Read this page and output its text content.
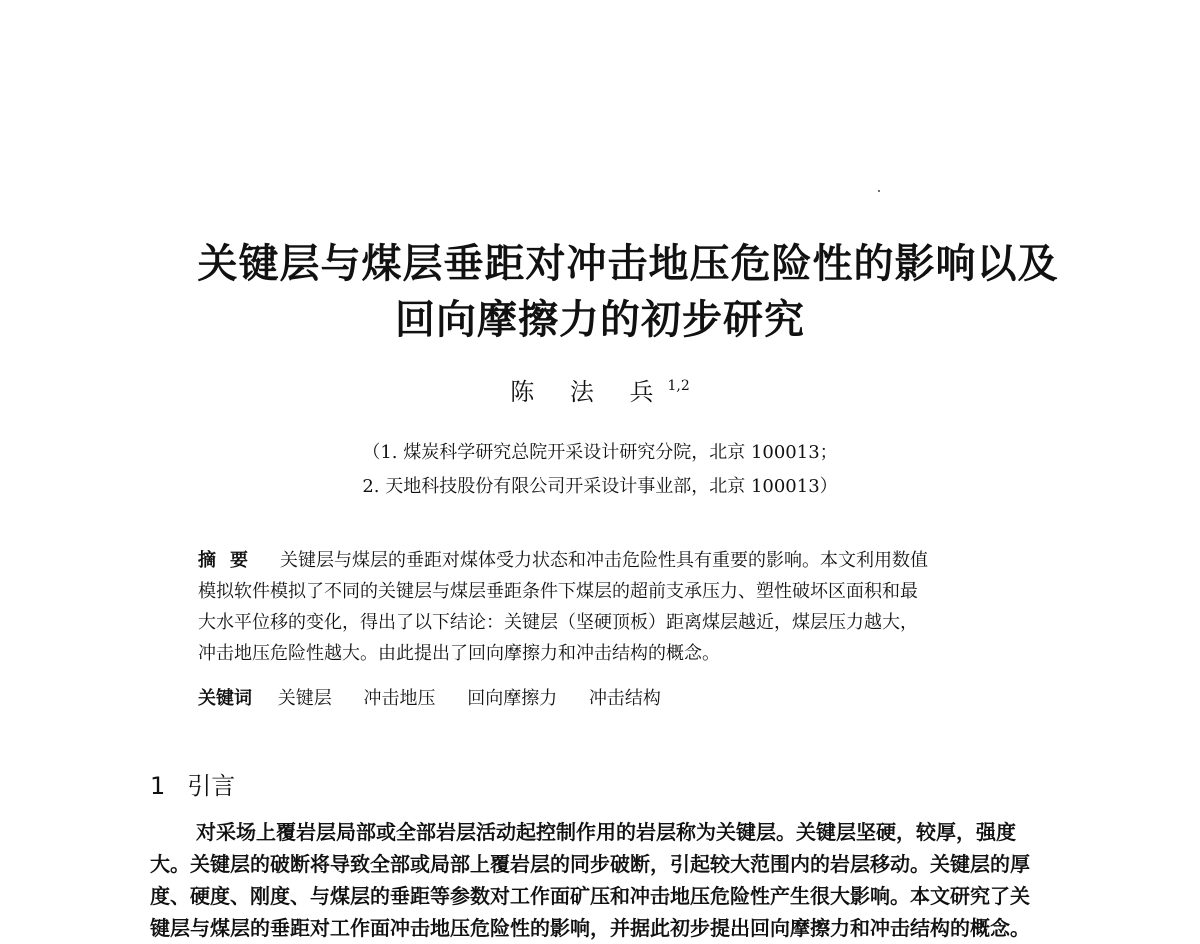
关键层与煤层垂距对冲击地压危险性的影响以及
回向摩擦力的初步研究
陈 法 兵$^{1,2}$
（1. 煤炭科学研究总院开采设计研究分院，北京 100013；
2. 天地科技股份有限公司开采设计事业部，北京 100013）
摘要 关键层与煤层的垂距对煤体受力状态和冲击危险性具有重要的影响。本文利用数值
模拟软件模拟了不同的关键层与煤层垂距条件下煤层的超前支承压力、塑性破坏区面积和最
大水平位移的变化，得出了以下结论：关键层（坚硬顶板）距离煤层越近，煤层压力越大，
冲击地压危险性越大。由此提出了回向摩擦力和冲击结构的概念。
关键词 关键层 冲击地压 回向摩擦力 冲击结构
1 引言
对采场上覆岩层局部或全部岩层活动起控制作用的岩层称为关键层。关键层坚硬，较厚，强度
大。关键层的破断将导致全部或局部上覆岩层的同步破断，引起较大范围内的岩层移动。关键层的厚
度、硬度、刚度、与煤层的垂距等参数对工作面矿压和冲击地压危险性产生很大影响。本文研究了关
键层与煤层的垂距对工作面冲击地压危险性的影响，并据此初步提出回向摩擦力和冲击结构的概念。
